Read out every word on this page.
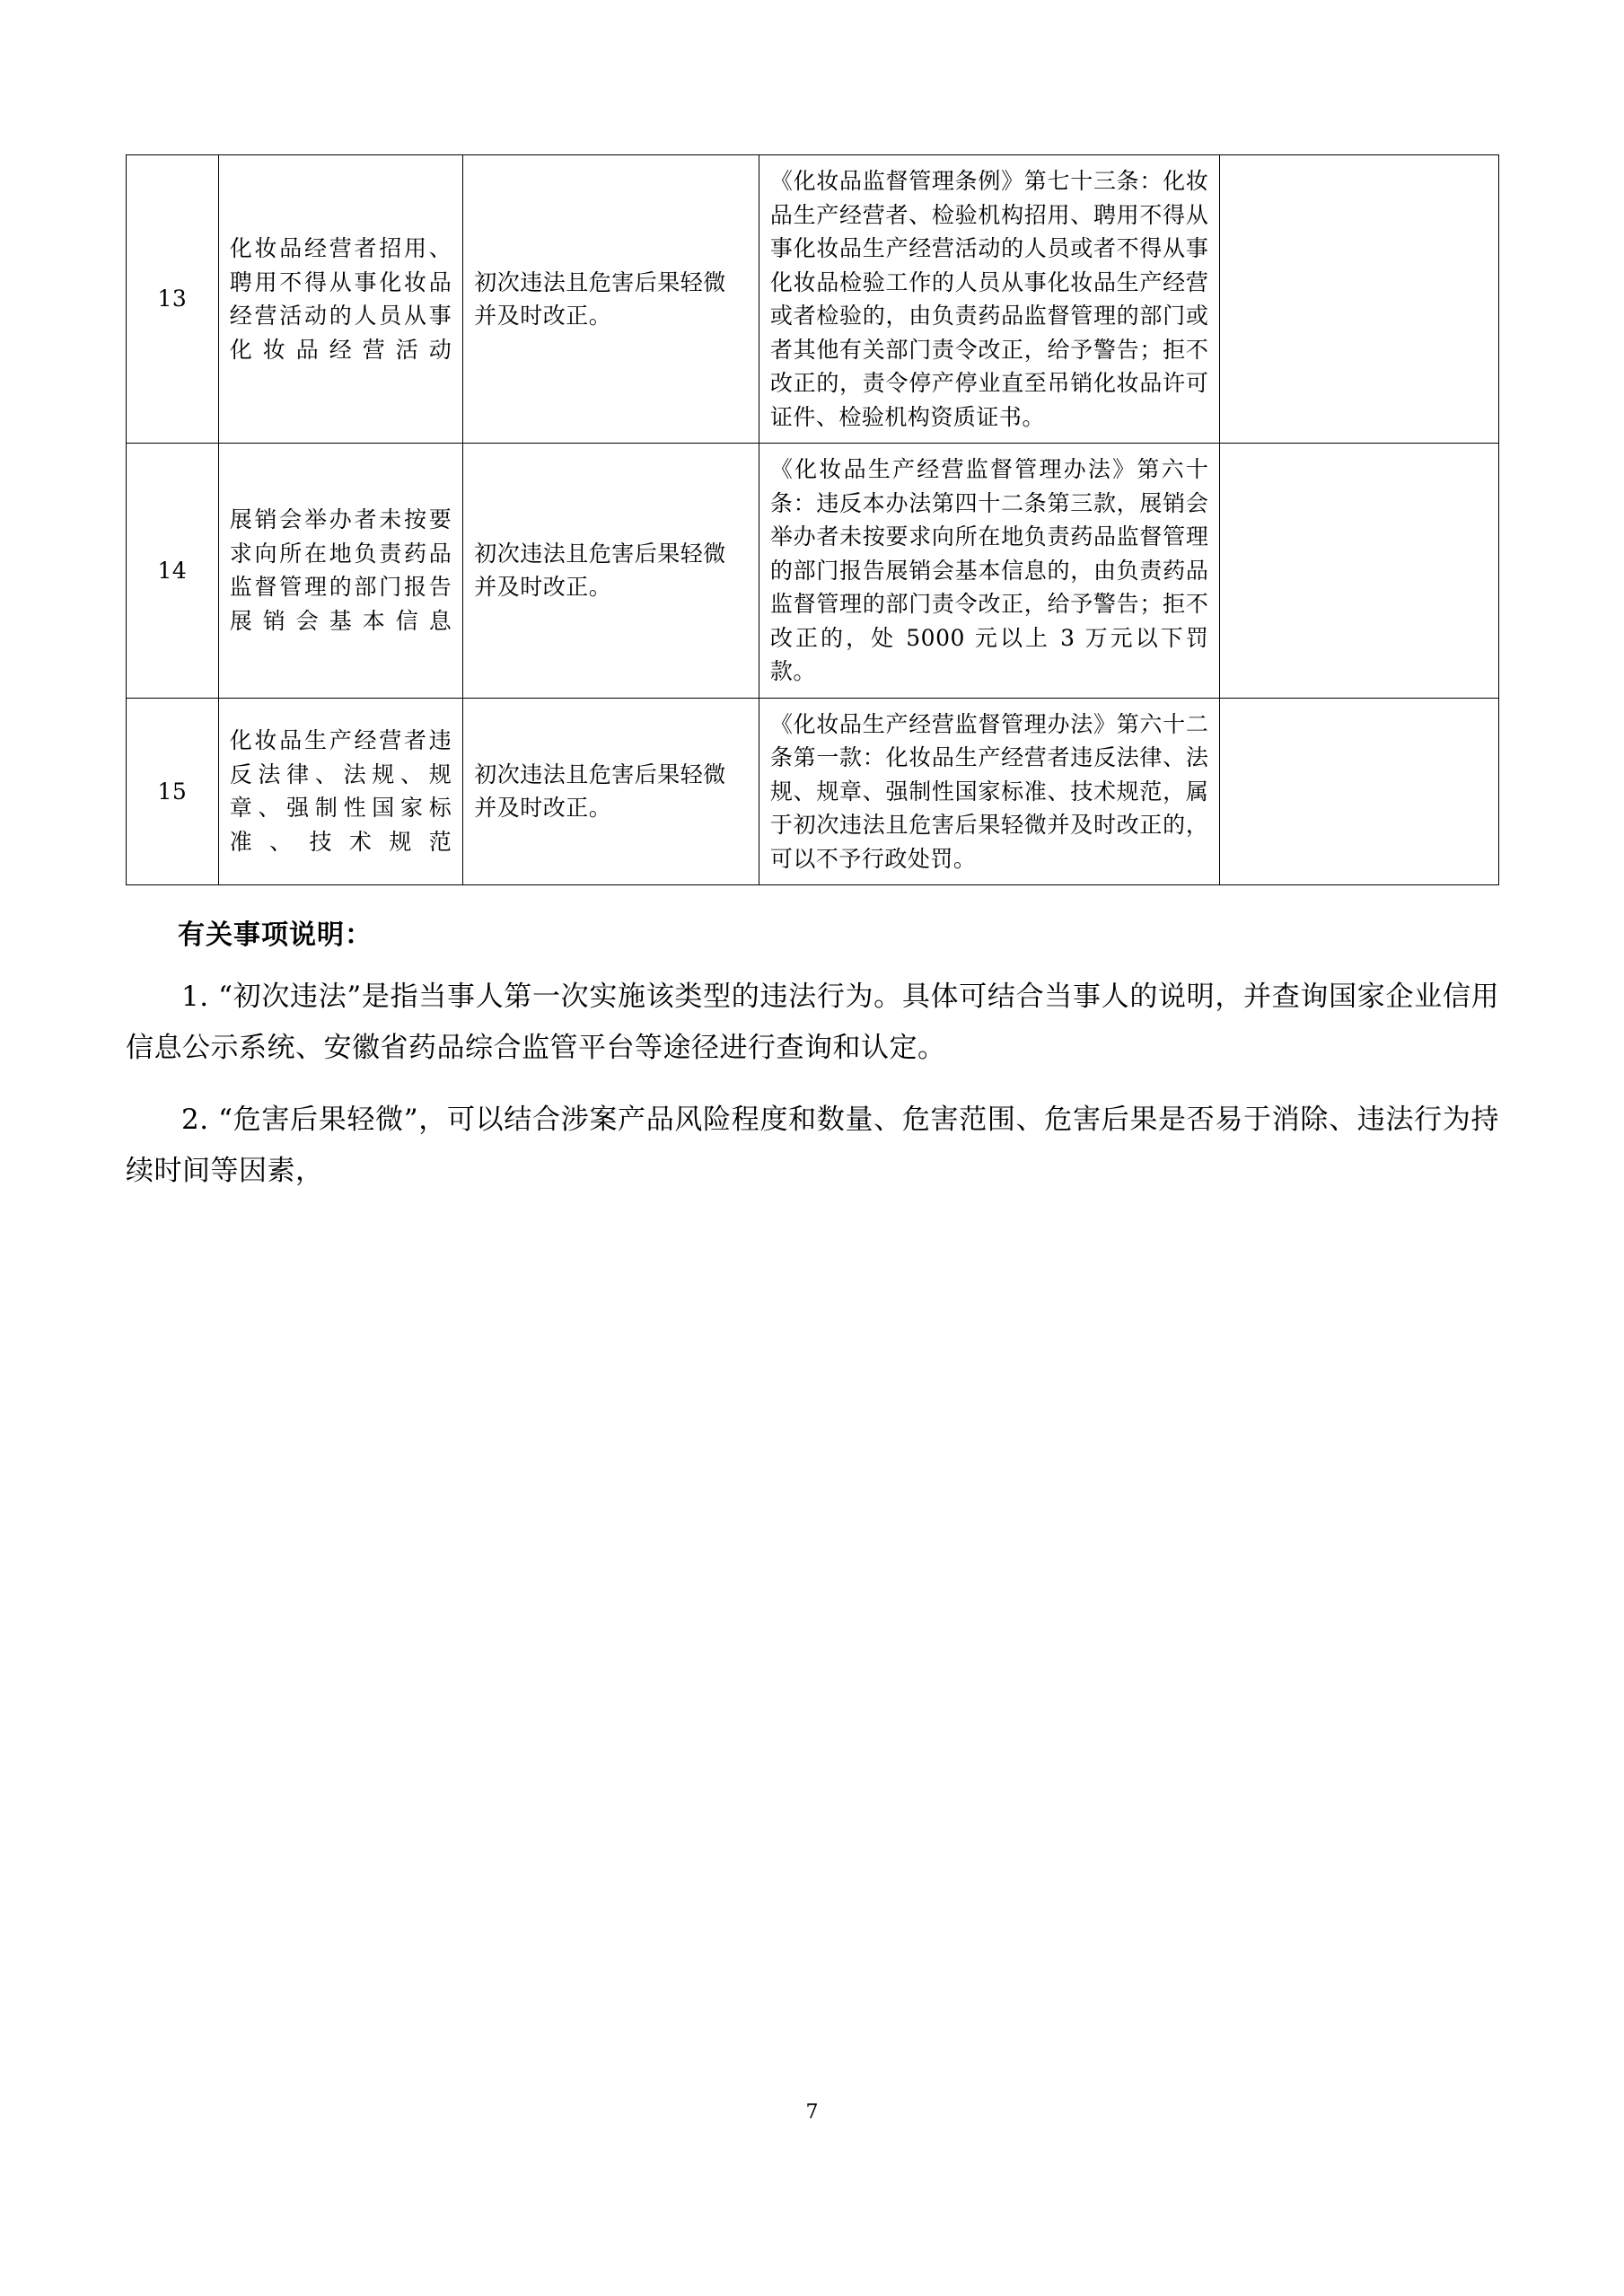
13	化妆品经营者招用、聘用不得从事化妆品经营活动的人员从事化妆品经营活动	初次违法且危害后果轻微并及时改正。	《化妆品监督管理条例》第七十三条：化妆品生产经营者、检验机构招用、聘用不得从事化妆品生产经营活动的人员或者不得从事化妆品检验工作的人员从事化妆品生产经营或者检验的，由负责药品监督管理的部门或者其他有关部门责令改正，给予警告；拒不改正的，责令停产停业直至吊销化妆品许可证件、检验机构资质证书。	
14	展销会举办者未按要求向所在地负责药品监督管理的部门报告展销会基本信息	初次违法且危害后果轻微并及时改正。	《化妆品生产经营监督管理办法》第六十条：违反本办法第四十二条第三款，展销会举办者未按要求向所在地负责药品监督管理的部门报告展销会基本信息的，由负责药品监督管理的部门责令改正，给予警告；拒不改正的，处 5000 元以上 3 万元以下罚款。	
15	化妆品生产经营者违反法律、法规、规章、强制性国家标准、技术规范	初次违法且危害后果轻微并及时改正。	《化妆品生产经营监督管理办法》第六十二条第一款：化妆品生产经营者违反法律、法规、规章、强制性国家标准、技术规范，属于初次违法且危害后果轻微并及时改正的，可以不予行政处罚。	
有关事项说明：
1. “初次违法”是指当事人第一次实施该类型的违法行为。具体可结合当事人的说明，并查询国家企业信用信息公示系统、安徽省药品综合监管平台等途径进行查询和认定。
2. “危害后果轻微”，可以结合涉案产品风险程度和数量、危害范围、危害后果是否易于消除、违法行为持续时间等因素，
7
